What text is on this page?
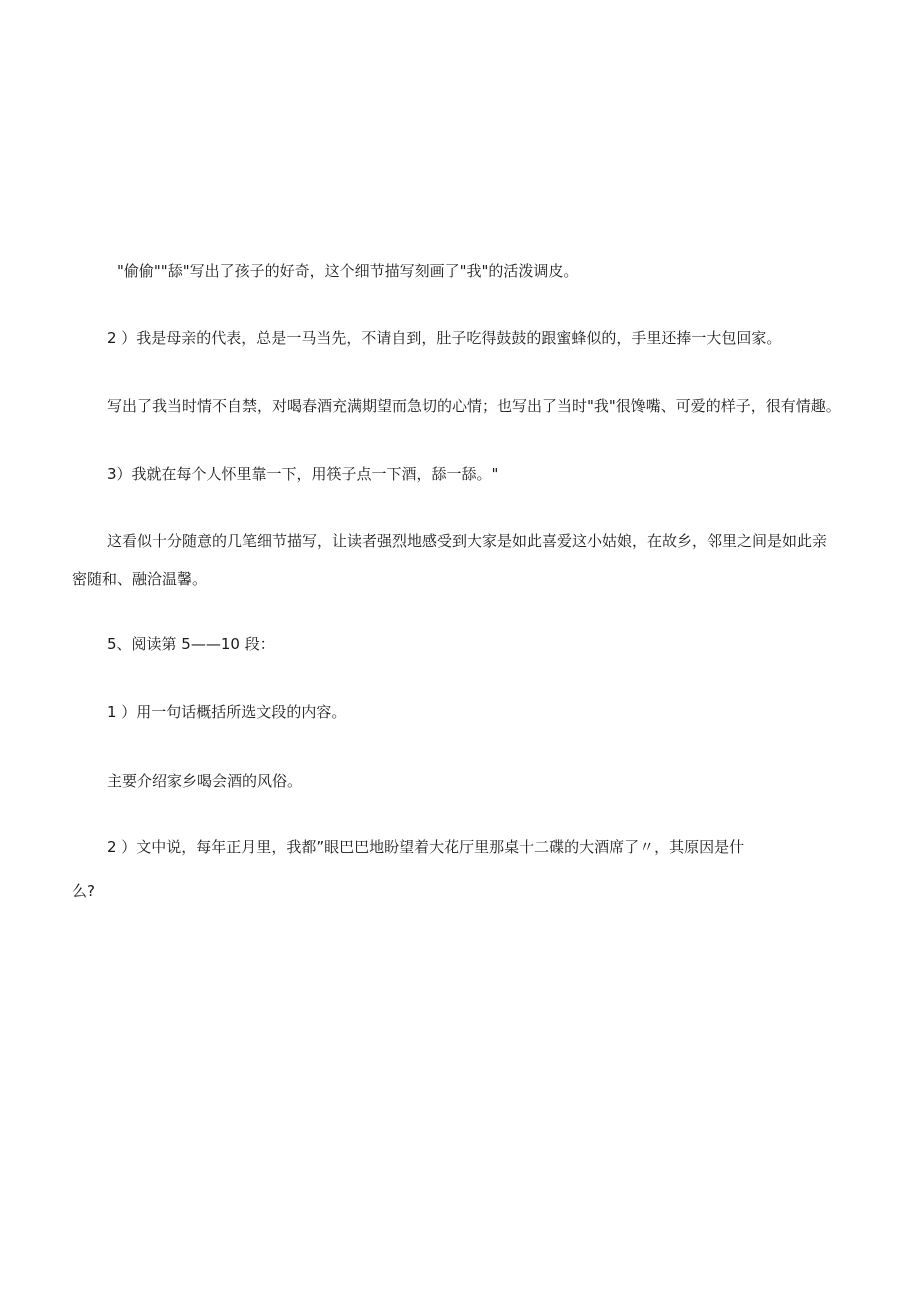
"偷偷""舔"写出了孩子的好奇，这个细节描写刻画了"我"的活泼调皮。
2 ）我是母亲的代表，总是一马当先，不请自到，肚子吃得鼓鼓的跟蜜蜂似的，手里还捧一大包回家。
写出了我当时情不自禁，对喝春酒充满期望而急切的心情；也写出了当时"我"很馋嘴、可爱的样子，很有情趣。
3）我就在每个人怀里靠一下，用筷子点一下酒，舔一舔。"
这看似十分随意的几笔细节描写，让读者强烈地感受到大家是如此喜爱这小姑娘，在故乡，邻里之间是如此亲
密随和、融洽温馨。
5、阅读第 5——10 段：
1 ）用一句话概括所选文段的内容。
主要介绍家乡喝会酒的风俗。
2 ）文中说，每年正月里，我都”眼巴巴地盼望着大花厅里那桌十二碟的大酒席了〃，其原因是什
么?
